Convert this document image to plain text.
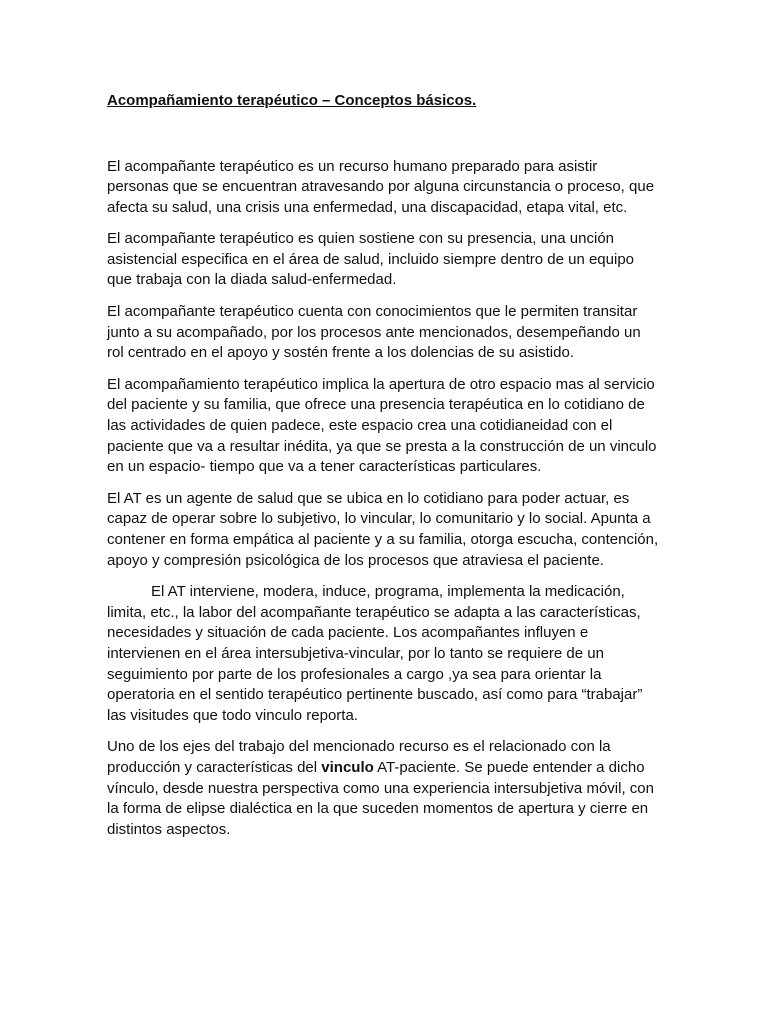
Acompañamiento terapéutico – Conceptos básicos.
El acompañante terapéutico es un recurso humano preparado para asistir
personas que se encuentran atravesando por alguna circunstancia o proceso, que
afecta su salud, una crisis una enfermedad, una discapacidad, etapa vital, etc.
El acompañante terapéutico es quien sostiene con su presencia, una unción
asistencial especifica en el área de salud, incluido siempre dentro de un equipo
que trabaja con la diada salud-enfermedad.
El acompañante terapéutico cuenta con conocimientos que le permiten transitar
junto a su acompañado, por los procesos ante mencionados, desempeñando un
rol centrado en el apoyo y sostén frente a los dolencias de su asistido.
El acompañamiento terapéutico implica la apertura de otro espacio mas al servicio
del paciente y su familia, que ofrece una presencia terapéutica en lo cotidiano de
las actividades de quien padece, este espacio crea una cotidianeidad con el
paciente que va a resultar inédita, ya que se presta a la construcción de un vinculo
en un espacio- tiempo que va a tener características particulares.
El AT es un agente de salud que se ubica en lo cotidiano para poder actuar, es
capaz de operar sobre lo subjetivo, lo vincular, lo comunitario y lo social. Apunta a
contener en forma empática al paciente y a su familia, otorga escucha, contención,
apoyo y compresión psicológica de los procesos que atraviesa el paciente.
El AT interviene, modera, induce, programa, implementa la medicación,
limita, etc., la labor del acompañante terapéutico se adapta a las características,
necesidades y situación de cada paciente. Los acompañantes influyen e
intervienen en el área intersubjetiva-vincular, por lo tanto se requiere de un
seguimiento por parte de los profesionales a cargo ,ya sea para orientar la
operatoria en el sentido terapéutico pertinente buscado, así como para “trabajar”
las visitudes que todo vinculo reporta.
Uno de los ejes del trabajo del mencionado recurso es el relacionado con la
producción y características del vinculo AT-paciente. Se puede entender a dicho
vínculo, desde nuestra perspectiva como una experiencia intersubjetiva móvil, con
la forma de elipse dialéctica en la que suceden momentos de apertura y cierre en
distintos aspectos.
